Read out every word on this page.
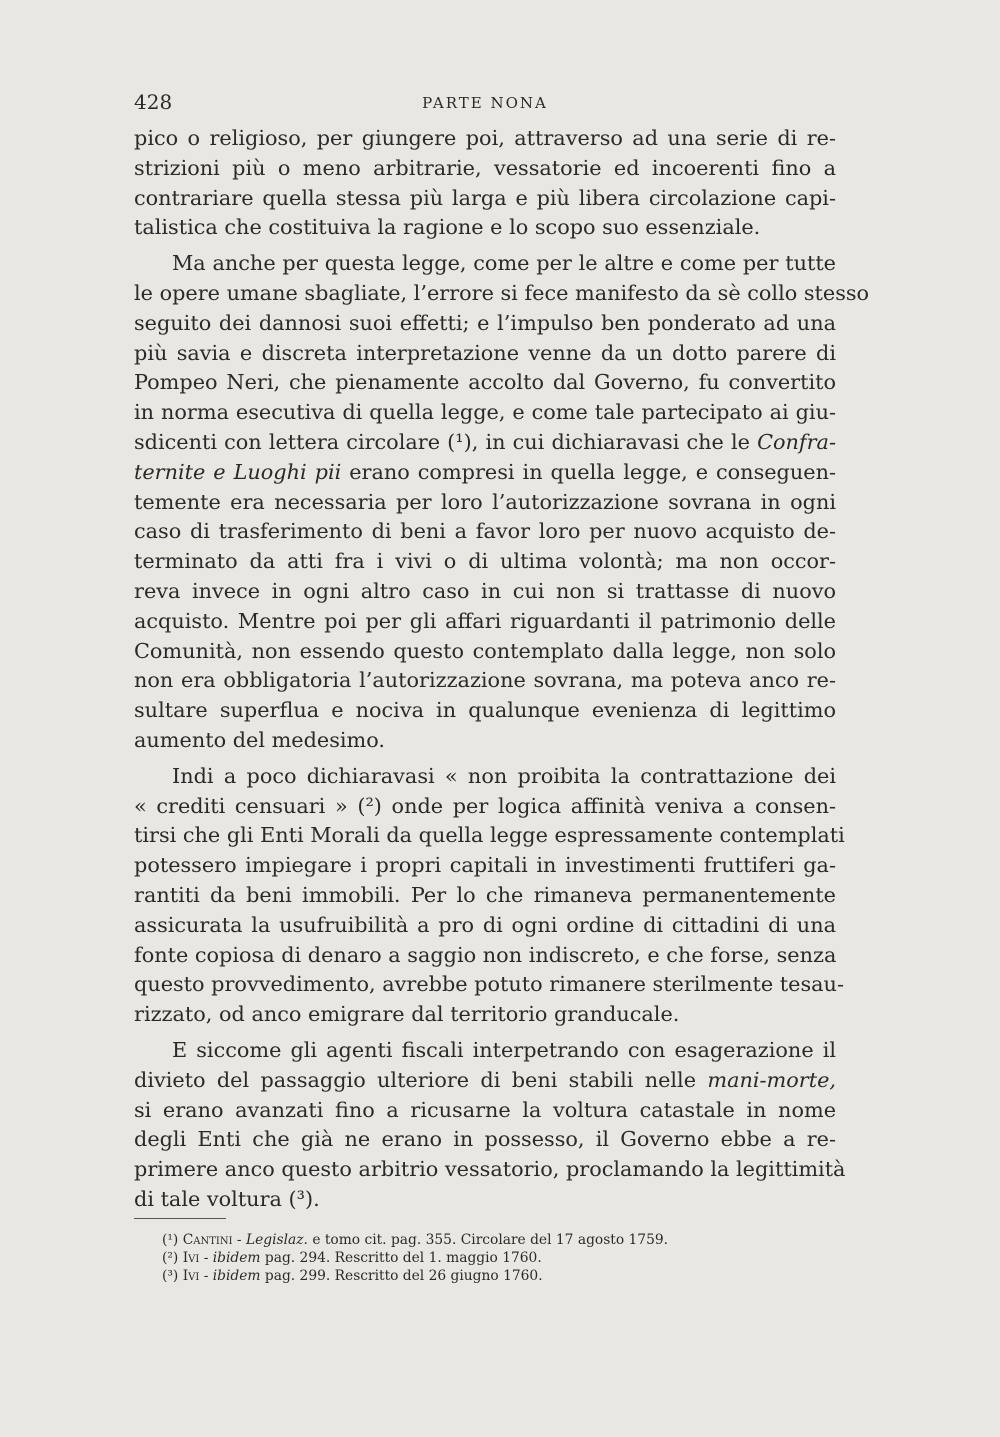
428	PARTE NONA
pico o religioso, per giungere poi, attraverso ad una serie di re-
strizioni più o meno arbitrarie, vessatorie ed incoerenti fino a
contrariare quella stessa più larga e più libera circolazione capi-
talistica che costituiva la ragione e lo scopo suo essenziale.
Ma anche per questa legge, come per le altre e come per tutte
le opere umane sbagliate, l’errore si fece manifesto da sè collo stesso
seguito dei dannosi suoi effetti; e l’impulso ben ponderato ad una
più savia e discreta interpretazione venne da un dotto parere di
Pompeo Neri, che pienamente accolto dal Governo, fu convertito
in norma esecutiva di quella legge, e come tale partecipato ai giu-
sdicenti con lettera circolare (¹), in cui dichiaravasi che le Confra-
ternite e Luoghi pii erano compresi in quella legge, e conseguen-
temente era necessaria per loro l’autorizzazione sovrana in ogni
caso di trasferimento di beni a favor loro per nuovo acquisto de-
terminato da atti fra i vivi o di ultima volontà; ma non occor-
reva invece in ogni altro caso in cui non si trattasse di nuovo
acquisto. Mentre poi per gli affari riguardanti il patrimonio delle
Comunità, non essendo questo contemplato dalla legge, non solo
non era obbligatoria l’autorizzazione sovrana, ma poteva anco re-
sultare superflua e nociva in qualunque evenienza di legittimo
aumento del medesimo.
Indi a poco dichiaravasi « non proibita la contrattazione dei
« crediti censuari » (²) onde per logica affinità veniva a consen-
tirsi che gli Enti Morali da quella legge espressamente contemplati
potessero impiegare i propri capitali in investimenti fruttiferi ga-
rantiti da beni immobili. Per lo che rimaneva permanentemente
assicurata la usufruibilità a pro di ogni ordine di cittadini di una
fonte copiosa di denaro a saggio non indiscreto, e che forse, senza
questo provvedimento, avrebbe potuto rimanere sterilmente tesau-
rizzato, od anco emigrare dal territorio granducale.
E siccome gli agenti fiscali interpetrando con esagerazione il
divieto del passaggio ulteriore di beni stabili nelle mani-morte,
si erano avanzati fino a ricusarne la voltura catastale in nome
degli Enti che già ne erano in possesso, il Governo ebbe a re-
primere anco questo arbitrio vessatorio, proclamando la legittimità
di tale voltura (³).
(¹) Cantini - Legislaz. e tomo cit. pag. 355. Circolare del 17 agosto 1759.
(²) Ivi - ibidem pag. 294. Rescritto del 1. maggio 1760.
(³) Ivi - ibidem pag. 299. Rescritto del 26 giugno 1760.
